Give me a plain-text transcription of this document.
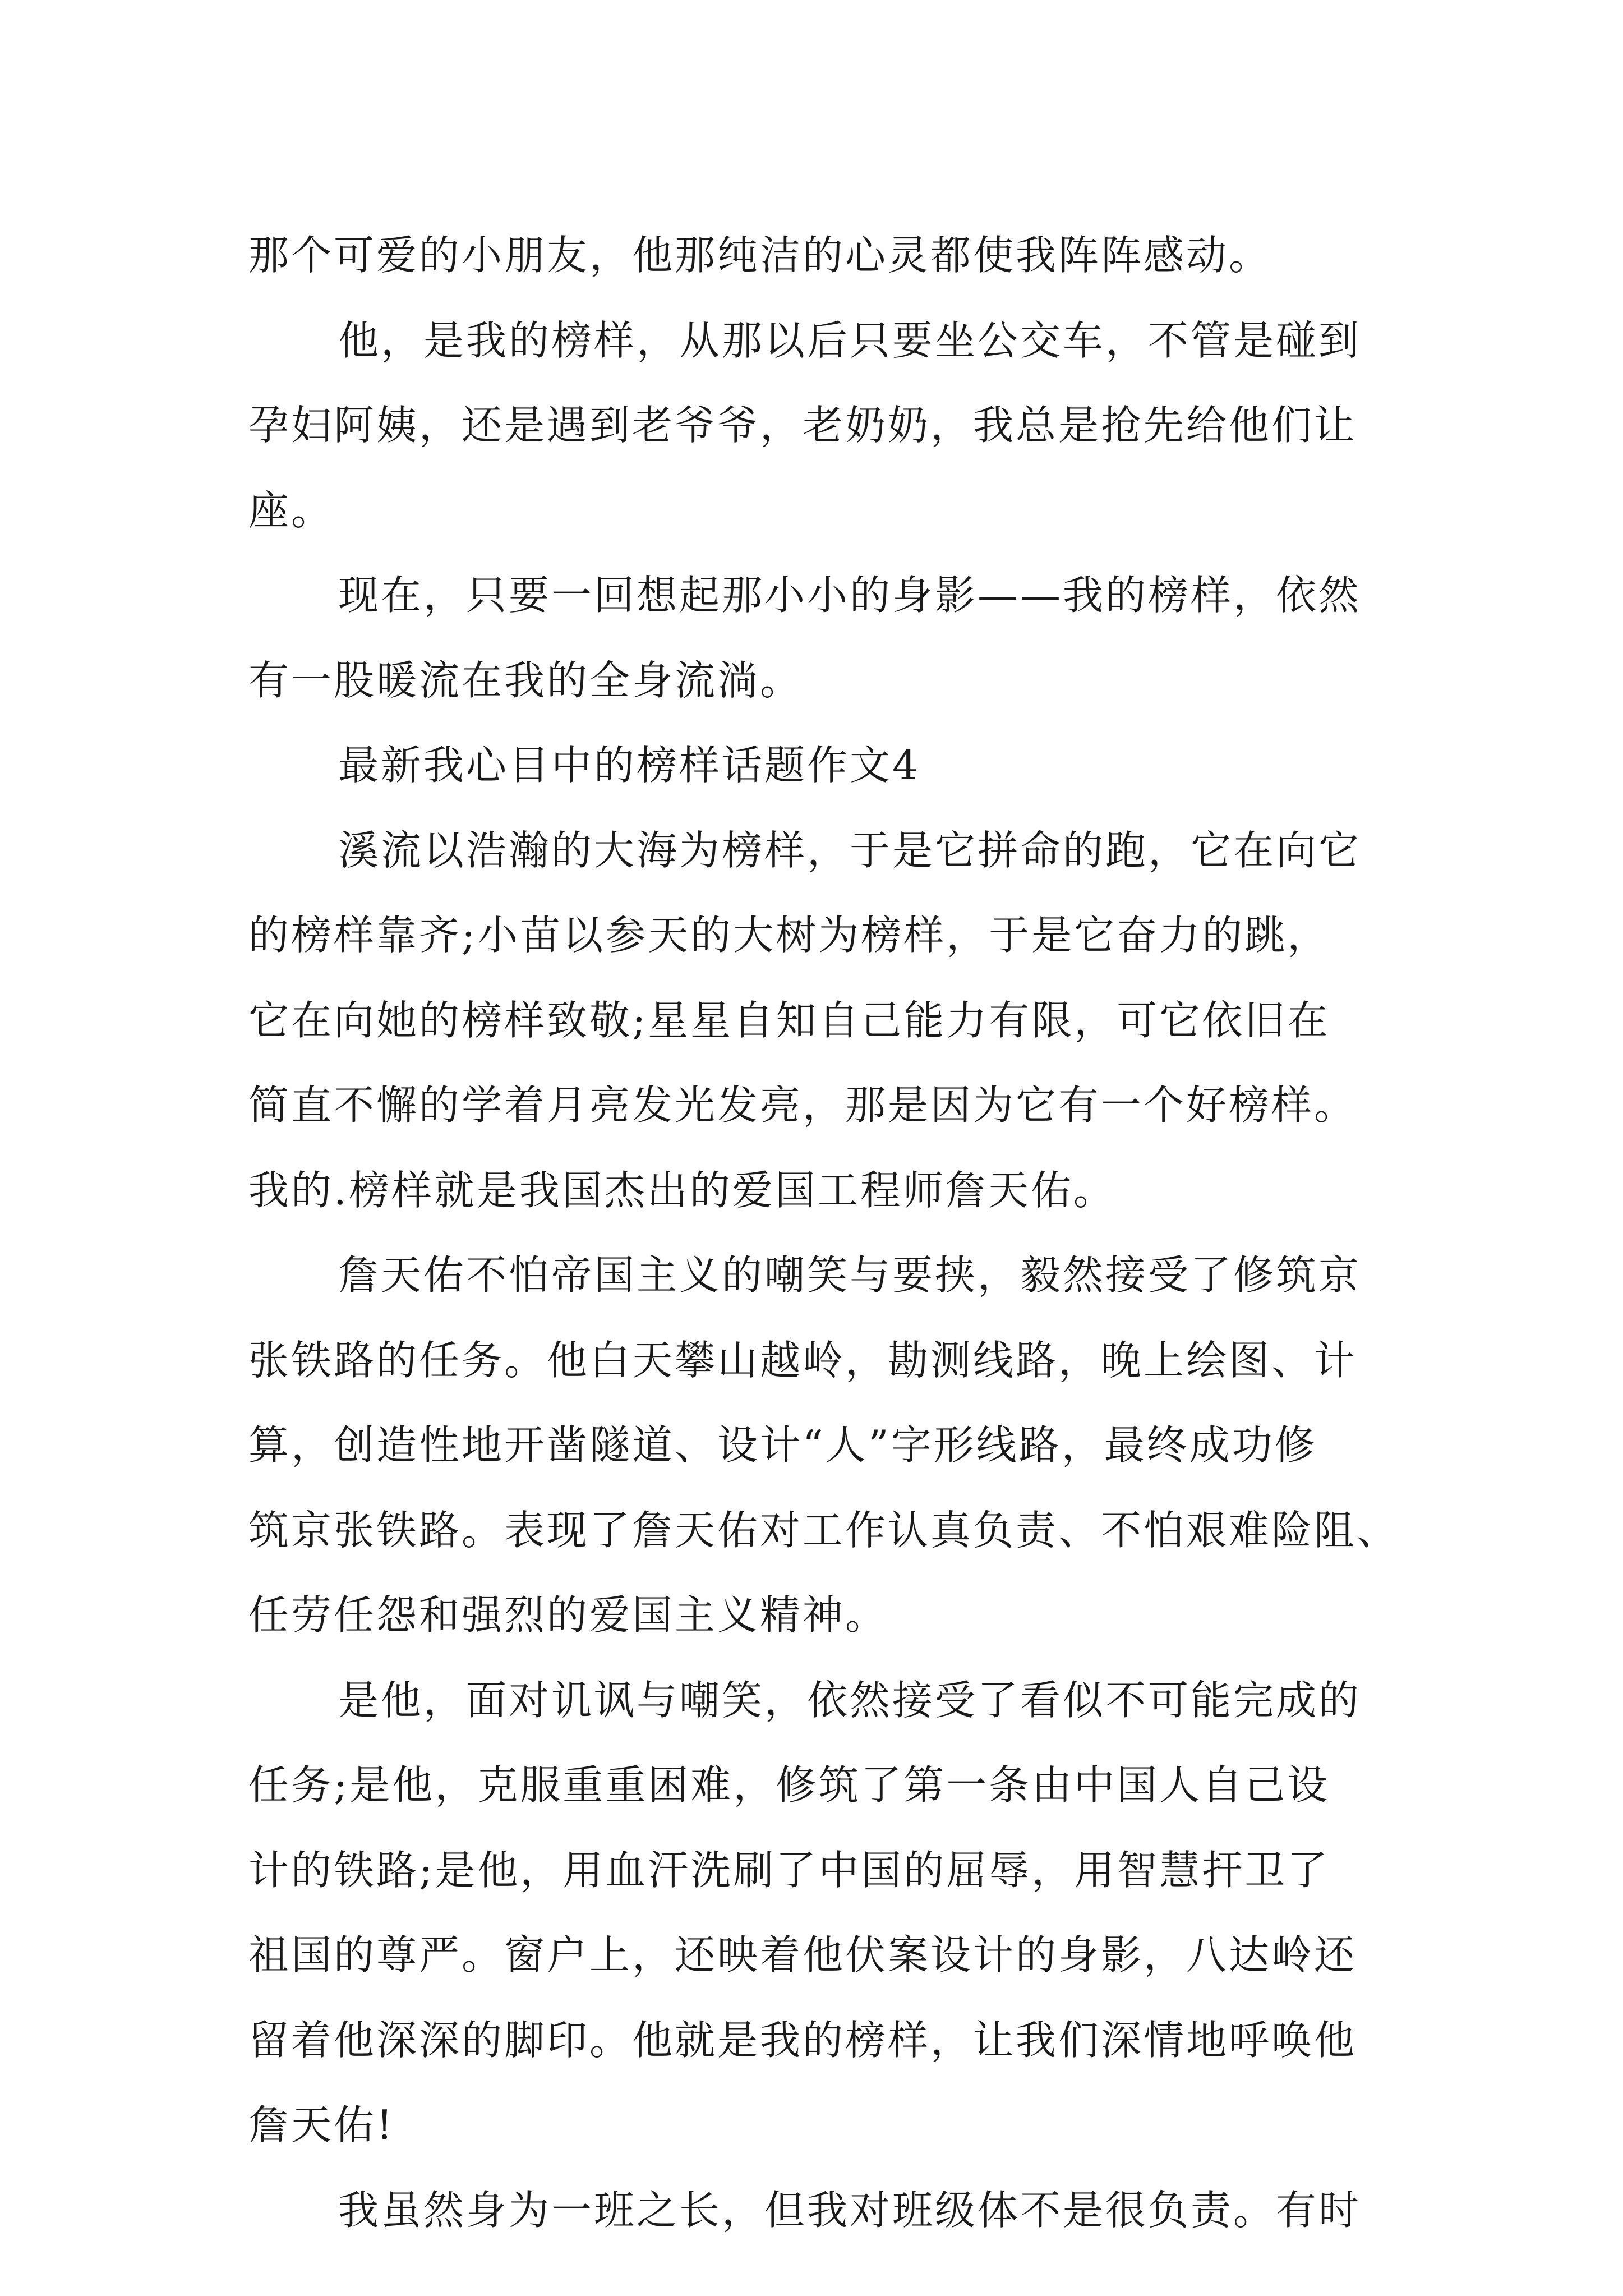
那个可爱的小朋友，他那纯洁的心灵都使我阵阵感动。
他，是我的榜样，从那以后只要坐公交车，不管是碰到
孕妇阿姨，还是遇到老爷爷，老奶奶，我总是抢先给他们让
座。
现在，只要一回想起那小小的身影——我的榜样，依然
有一股暖流在我的全身流淌。
最新我心目中的榜样话题作文4
溪流以浩瀚的大海为榜样，于是它拼命的跑，它在向它
的榜样靠齐;小苗以参天的大树为榜样，于是它奋力的跳，
它在向她的榜样致敬;星星自知自己能力有限，可它依旧在
简直不懈的学着月亮发光发亮，那是因为它有一个好榜样。
我的.榜样就是我国杰出的爱国工程师詹天佑。
詹天佑不怕帝国主义的嘲笑与要挟，毅然接受了修筑京
张铁路的任务。他白天攀山越岭，勘测线路，晚上绘图、计
算，创造性地开凿隧道、设计“人”字形线路，最终成功修
筑京张铁路。表现了詹天佑对工作认真负责、不怕艰难险阻、
任劳任怨和强烈的爱国主义精神。
是他，面对讥讽与嘲笑，依然接受了看似不可能完成的
任务;是他，克服重重困难，修筑了第一条由中国人自己设
计的铁路;是他，用血汗洗刷了中国的屈辱，用智慧扞卫了
祖国的尊严。窗户上，还映着他伏案设计的身影，八达岭还
留着他深深的脚印。他就是我的榜样，让我们深情地呼唤他
詹天佑!
我虽然身为一班之长，但我对班级体不是很负责。有时
